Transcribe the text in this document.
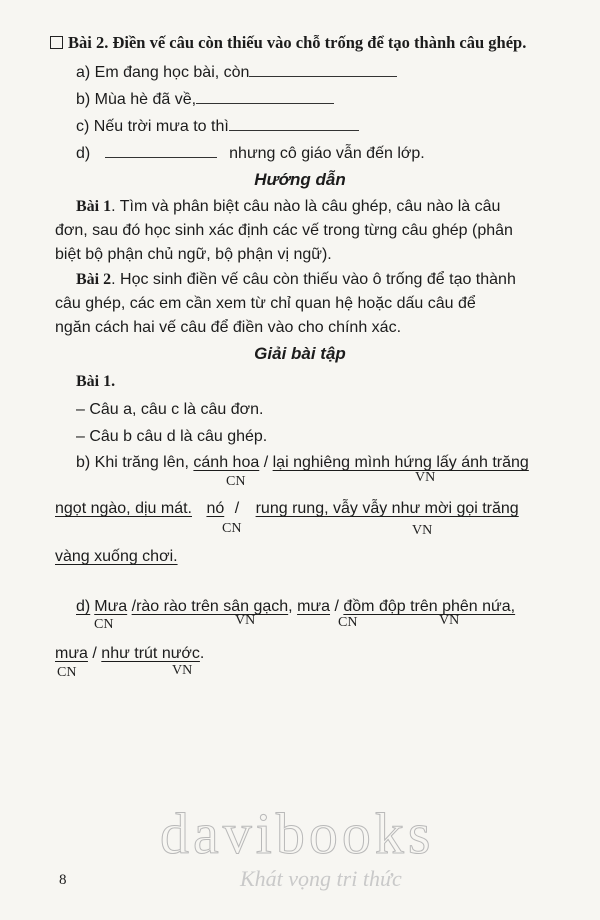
Bài 2. Điền vế câu còn thiếu vào chỗ trống để tạo thành câu ghép.
a) Em đang học bài, còn
b) Mùa hè đã về,
c) Nếu trời mưa to thì
d)	nhưng cô giáo vẫn đến lớp.
Hướng dẫn
Bài 1. Tìm và phân biệt câu nào là câu ghép, câu nào là câu
đơn, sau đó học sinh xác định các vế trong từng câu ghép (phân
biệt bộ phận chủ ngữ, bộ phận vị ngữ).
Bài 2. Học sinh điền vế câu còn thiếu vào ô trống để tạo thành
câu ghép, các em cần xem từ chỉ quan hệ hoặc dấu câu để
ngăn cách hai vế câu để điền vào cho chính xác.
Giải bài tập
Bài 1.
– Câu a, câu c là câu đơn.
– Câu b câu d là câu ghép.
b) Khi trăng lên, cánh hoa / lại nghiêng mình hứng lấy ánh trăng
CN	VN
ngọt ngào, dịu mát. nó / rung rung, vẫy vẫy như mời gọi trăng
CN	VN
vàng xuống chơi.
d) Mưa /rào rào trên sân gạch, mưa / đồm độp trên phên nứa,
CN	VN	CN	VN
mưa / như trút nước.
CN	VN
davibooks
Khát vọng tri thức
8
